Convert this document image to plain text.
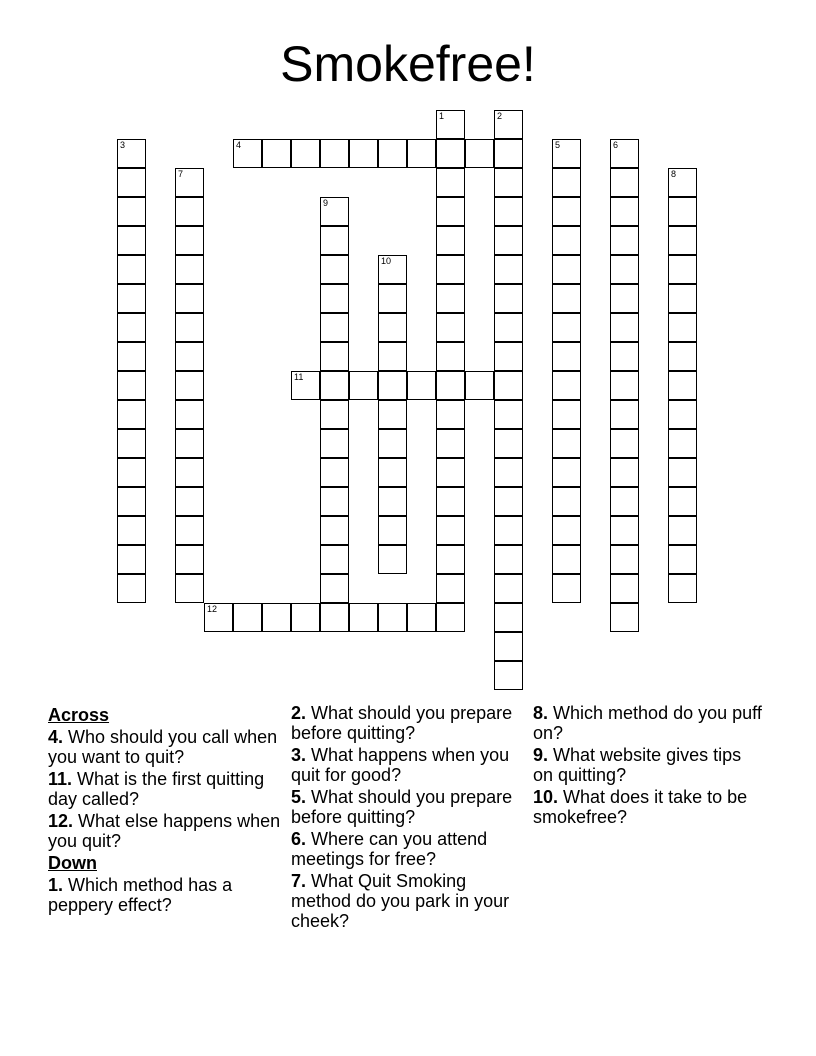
Smokefree!
1	2
3	4	5	6
7	8
9
10
11
12
Across
4. Who should you call when you want to quit?
11. What is the first quitting day called?
12. What else happens when you quit?
Down
1. Which method has a peppery effect?
2. What should you prepare before quitting?
3. What happens when you quit for good?
5. What should you prepare before quitting?
6. Where can you attend meetings for free?
7. What Quit Smoking method do you park in your cheek?
8. Which method do you puff on?
9. What website gives tips on quitting?
10. What does it take to be smokefree?
